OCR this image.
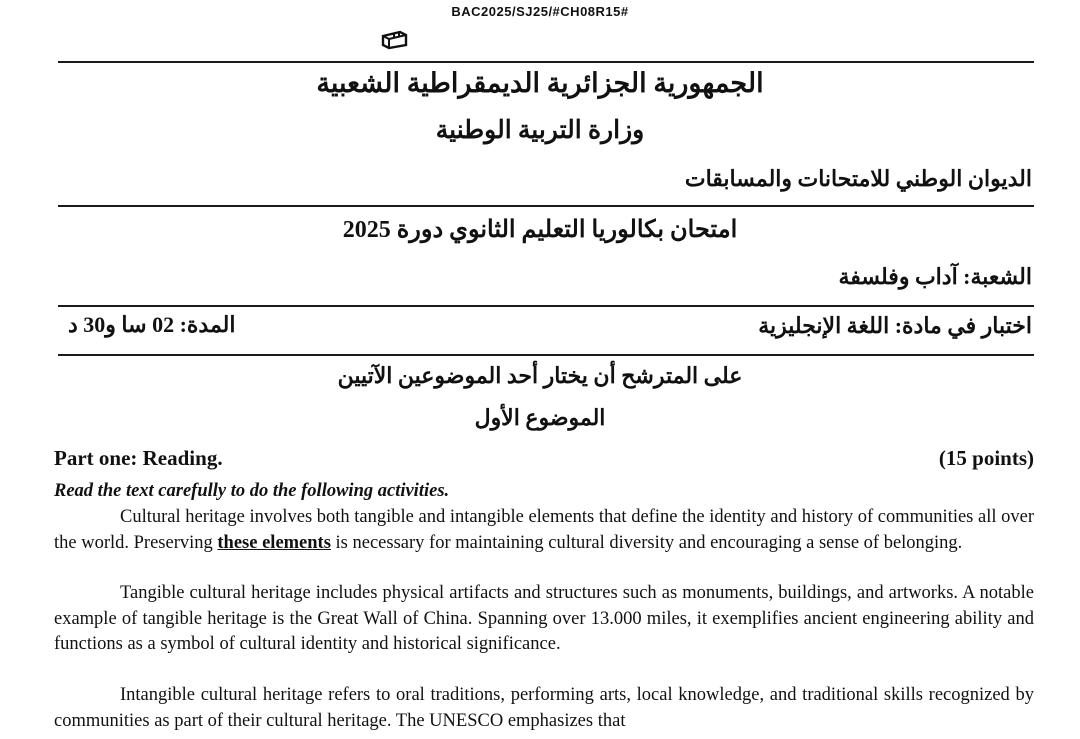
BAC2025/SJ25/#CH08R15#
الجمهورية الجزائرية الديمقراطية الشعبية
وزارة التربية الوطنية
الديوان الوطني للامتحانات والمسابقات
امتحان بكالوريا التعليم الثانوي دورة 2025
الشعبة: آداب وفلسفة
اختبار في مادة: اللغة الإنجليزية
المدة: 02 سا و30 د
على المترشح أن يختار أحد الموضوعين الآتيين
الموضوع الأول
Part one: Reading.	(15 points)
Read the text carefully to do the following activities.
Cultural heritage involves both tangible and intangible elements that define the identity and history of communities all over the world. Preserving these elements is necessary for maintaining cultural diversity and encouraging a sense of belonging.
Tangible cultural heritage includes physical artifacts and structures such as monuments, buildings, and artworks. A notable example of tangible heritage is the Great Wall of China. Spanning over 13.000 miles, it exemplifies ancient engineering ability and functions as a symbol of cultural identity and historical significance.
Intangible cultural heritage refers to oral traditions, performing arts, local knowledge, and traditional skills recognized by communities as part of their cultural heritage. The UNESCO emphasizes that
